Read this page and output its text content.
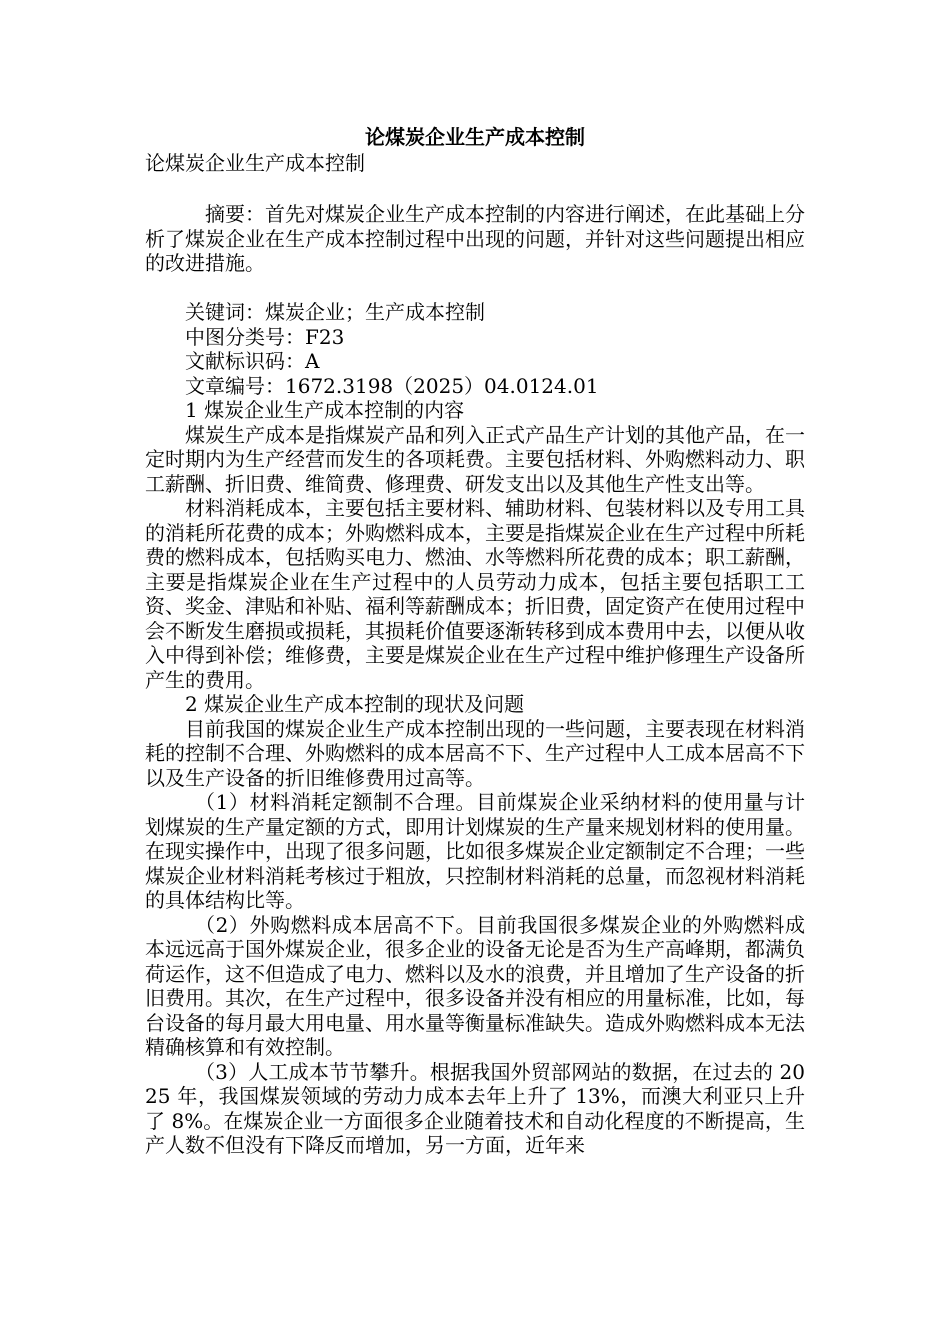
论煤炭企业生产成本控制
论煤炭企业生产成本控制

摘要：首先对煤炭企业生产成本控制的内容进行阐述，在此基础上分析了煤炭企业在生产成本控制过程中出现的问题，并针对这些问题提出相应的改进措施。

关键词：煤炭企业；生产成本控制

中图分类号：F23

文献标识码：A

文章编号：1672.3198（2025）04.0124.01

1 煤炭企业生产成本控制的内容

煤炭生产成本是指煤炭产品和列入正式产品生产计划的其他产品，在一定时期内为生产经营而发生的各项耗费。主要包括材料、外购燃料动力、职工薪酬、折旧费、维简费、修理费、研发支出以及其他生产性支出等。

材料消耗成本，主要包括主要材料、辅助材料、包装材料以及专用工具的消耗所花费的成本；外购燃料成本，主要是指煤炭企业在生产过程中所耗费的燃料成本，包括购买电力、燃油、水等燃料所花费的成本；职工薪酬，主要是指煤炭企业在生产过程中的人员劳动力成本，包括主要包括职工工资、奖金、津贴和补贴、福利等薪酬成本；折旧费，固定资产在使用过程中会不断发生磨损或损耗，其损耗价值要逐渐转移到成本费用中去，以便从收入中得到补偿；维修费，主要是煤炭企业在生产过程中维护修理生产设备所产生的费用。

2 煤炭企业生产成本控制的现状及问题

目前我国的煤炭企业生产成本控制出现的一些问题，主要表现在材料消耗的控制不合理、外购燃料的成本居高不下、生产过程中人工成本居高不下以及生产设备的折旧维修费用过高等。

（1）材料消耗定额制不合理。目前煤炭企业采纳材料的使用量与计划煤炭的生产量定额的方式，即用计划煤炭的生产量来规划材料的使用量。在现实操作中，出现了很多问题，比如很多煤炭企业定额制定不合理；一些煤炭企业材料消耗考核过于粗放，只控制材料消耗的总量，而忽视材料消耗的具体结构比等。

（2）外购燃料成本居高不下。目前我国很多煤炭企业的外购燃料成本远远高于国外煤炭企业，很多企业的设备无论是否为生产高峰期，都满负荷运作，这不但造成了电力、燃料以及水的浪费，并且增加了生产设备的折旧费用。其次，在生产过程中，很多设备并没有相应的用量标准，比如，每台设备的每月最大用电量、用水量等衡量标准缺失。造成外购燃料成本无法精确核算和有效控制。

（3）人工成本节节攀升。根据我国外贸部网站的数据，在过去的 2025 年，我国煤炭领域的劳动力成本去年上升了 13%，而澳大利亚只上升了 8%。在煤炭企业一方面很多企业随着技术和自动化程度的不断提高，生产人数不但没有下降反而增加，另一方面，近年来
